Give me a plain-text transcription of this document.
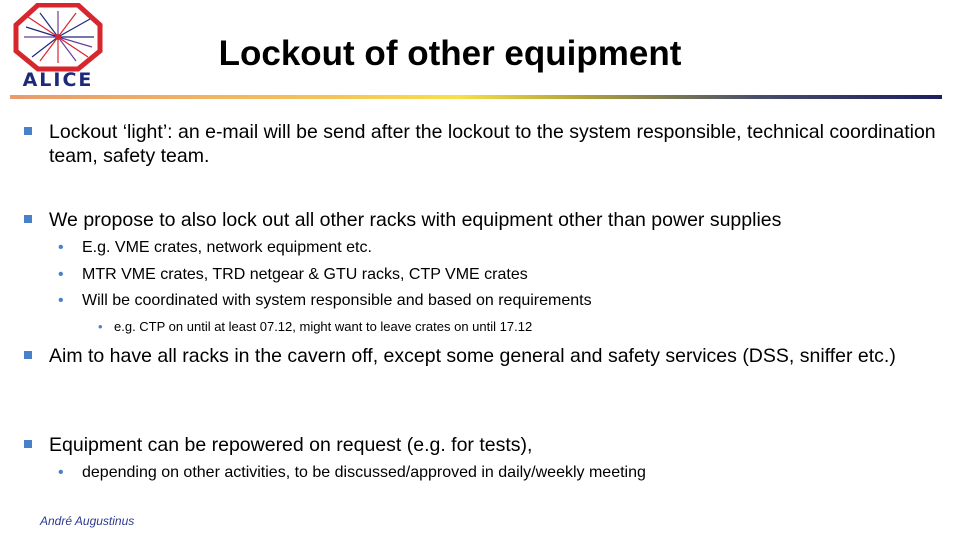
ALICE
Lockout of other equipment
Lockout ‘light’: an e-mail will be send after the lockout to the system responsible, technical coordination team, safety team.
We propose to also lock out all other racks with equipment other than power supplies
• E.g. VME crates, network equipment etc.
• MTR VME crates, TRD netgear & GTU racks, CTP VME crates
• Will be coordinated with system responsible and based on requirements
• e.g. CTP on until at least 07.12, might want to leave crates on until 17.12
Aim to have all racks in the cavern off, except some general and safety services (DSS, sniffer etc.)
Equipment can be repowered on request (e.g. for tests),
• depending on other activities, to be discussed/approved in daily/weekly meeting
André Augustinus
